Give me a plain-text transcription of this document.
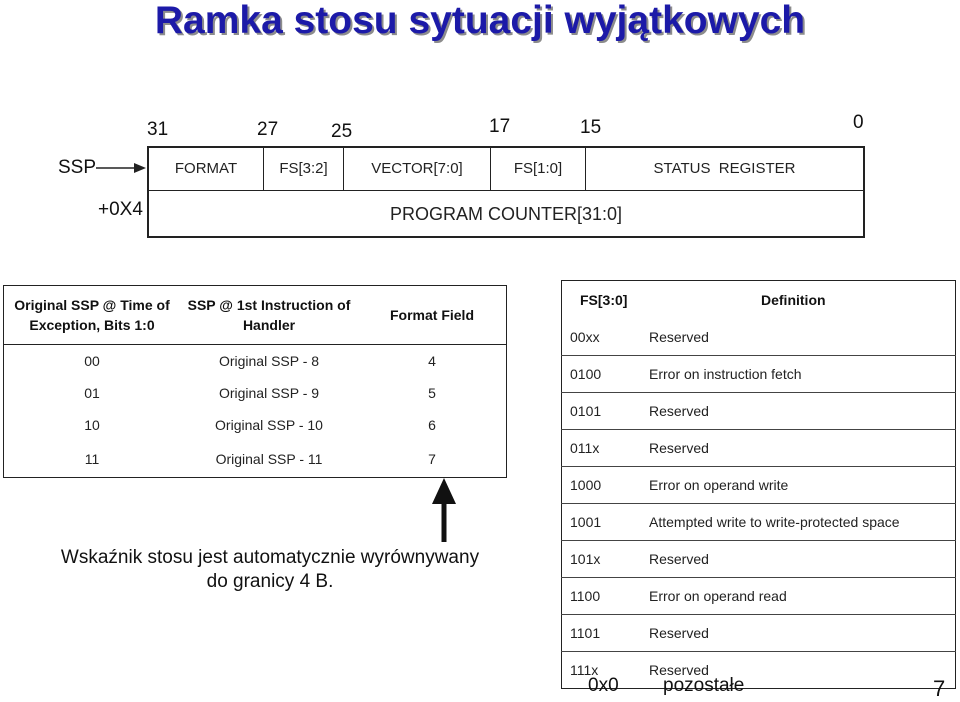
Ramka stosu sytuacji wyjątkowych
31	27	25	17	15	0
SSP
+0X4
FORMAT	FS[3:2]	VECTOR[7:0]	FS[1:0]	STATUS  REGISTER
PROGRAM COUNTER[31:0]
Original SSP @ Time of Exception, Bits 1:0	SSP @ 1st Instruction of Handler	Format Field
00	Original SSP - 8	4
01	Original SSP - 9	5
10	Original SSP - 10	6
11	Original SSP - 11	7
Wskaźnik stosu jest automatycznie wyrównywany
do granicy 4 B.
FS[3:0]	Definition
00xx	Reserved
0100	Error on instruction fetch
0101	Reserved
011x	Reserved
1000	Error on operand write
1001	Attempted write to write-protected space
101x	Reserved
1100	Error on operand read
1101	Reserved
111x	Reserved
0x0 pozostałe	7
